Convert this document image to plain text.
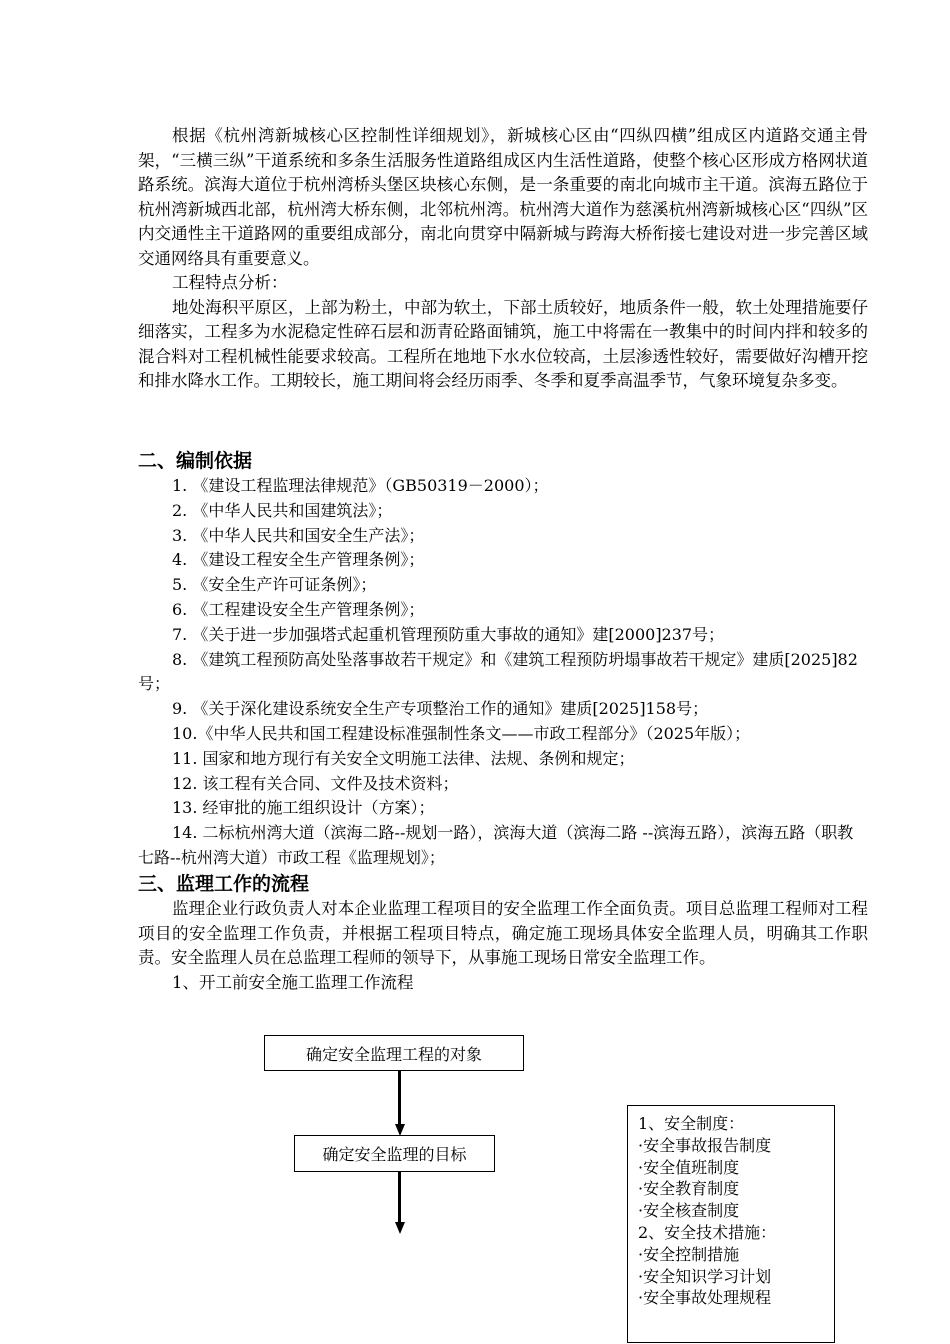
根据《杭州湾新城核心区控制性详细规划》，新城核心区由“四纵四横”组成区内道路交通主骨架，“三横三纵”干道系统和多条生活服务性道路组成区内生活性道路，使整个核心区形成方格网状道路系统。滨海大道位于杭州湾桥头堡区块核心东侧，是一条重要的南北向城市主干道。滨海五路位于杭州湾新城西北部，杭州湾大桥东侧，北邻杭州湾。杭州湾大道作为慈溪杭州湾新城核心区“四纵”区内交通性主干道路网的重要组成部分，南北向贯穿中隔新城与跨海大桥衔接七建设对进一步完善区域交通网络具有重要意义。

工程特点分析：

地处海积平原区，上部为粉土，中部为软土，下部土质较好，地质条件一般，软土处理措施要仔细落实，工程多为水泥稳定性碎石层和沥青砼路面铺筑，施工中将需在一教集中的时间内拌和较多的 混合料对工程机械性能要求较高。工程所在地地下水水位较高，土层渗透性较好，需要做好沟槽开挖和排水降水工作。工期较长，施工期间将会经历雨季、冬季和夏季高温季节，气象环境复杂多变。

二、编制依据
1. 《建设工程监理法律规范》（GB50319－2000）；
2. 《中华人民共和国建筑法》；
3. 《中华人民共和国安全生产法》；
4. 《建设工程安全生产管理条例》；
5. 《安全生产许可证条例》；
6. 《工程建设安全生产管理条例》；
7. 《关于进一步加强塔式起重机管理预防重大事故的通知》建[2000]237号；
8. 《建筑工程预防高处坠落事故若干规定》和《建筑工程预防坍塌事故若干规定》建质[2025]82号；
9. 《关于深化建设系统安全生产专项整治工作的通知》建质[2025]158号；
10.《中华人民共和国工程建设标准强制性条文——市政工程部分》（2025年版）；
11. 国家和地方现行有关安全文明施工法律、法规、条例和规定；
12. 该工程有关合同、文件及技术资料；
13. 经审批的施工组织设计（方案）；
14. 二标杭州湾大道（滨海二路--规划一路），滨海大道（滨海二路 --滨海五路），滨海五路（职教七路--杭州湾大道）市政工程《监理规划》；
三、监理工作的流程

监理企业行政负责人对本企业监理工程项目的安全监理工作全面负责。项目总监理工程师对工程项目的安全监理工作负责，并根据工程项目特点，确定施工现场具体安全监理人员，明确其工作职责。安全监理人员在总监理工程师的领导下，从事施工现场日常安全监理工作。

1、开工前安全施工监理工作流程

确定安全监理工程的对象
确定安全监理的目标
1、安全制度：
·安全事故报告制度
·安全值班制度
·安全教育制度
·安全核查制度
2、安全技术措施：
·安全控制措施
·安全知识学习计划
·安全事故处理规程
